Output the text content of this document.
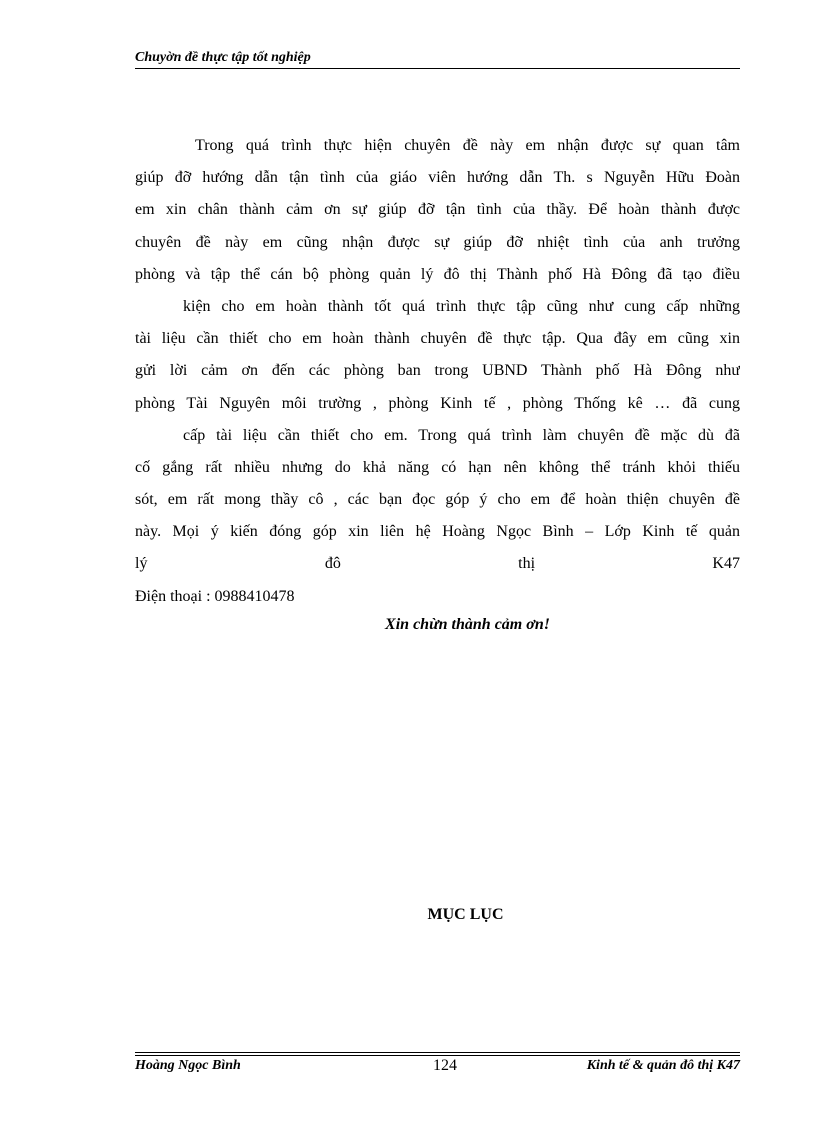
Chuyờn đề thực tập tốt nghiệp
Trong quá trình thực hiện chuyên đề này em nhận được sự quan tâm
giúp đỡ hướng dẫn tận tình của giáo viên hướng dẫn Th. s Nguyễn Hữu Đoàn
em xin chân thành cảm ơn sự giúp đỡ tận tình của thầy. Để hoàn thành được
chuyên đề này em cũng nhận được sự giúp đỡ nhiệt tình của anh trưởng
phòng và tập thể cán bộ phòng quản lý đô thị Thành phố Hà Đông đã tạo điều
kiện cho em hoàn thành tốt quá trình thực tập cũng như cung cấp những
tài liệu cần thiết cho em hoàn thành chuyên đề thực tập. Qua đây em cũng xin
gửi lời cảm ơn đến các phòng ban trong UBND Thành phố Hà Đông như
phòng Tài Nguyên môi trường , phòng Kinh tế , phòng Thống kê … đã cung
cấp tài liệu cần thiết cho em. Trong quá trình làm chuyên đề mặc dù đã
cố gắng rất nhiều nhưng do khả năng có hạn nên không thể tránh khỏi thiếu
sót, em rất mong thầy cô , các bạn đọc góp ý cho em để hoàn thiện chuyên đề
này. Mọi ý kiến đóng góp xin liên hệ Hoàng Ngọc Bình – Lớp Kinh tế quản
lý	đô	thị	K47
Điện thoại : 0988410478
Xin chừn thành cảm ơn!
MỤC LỤC
Hoàng Ngọc Bình	124	Kinh tế & quản đô thị K47
